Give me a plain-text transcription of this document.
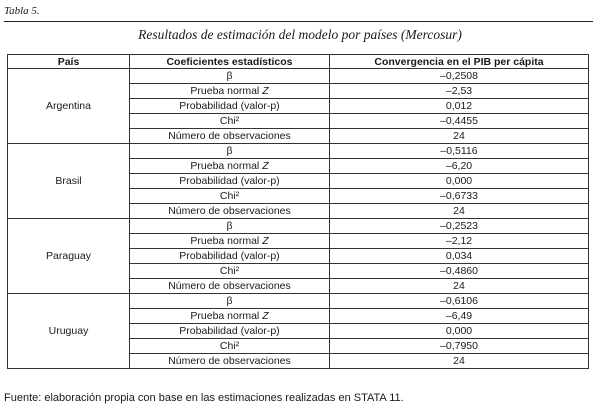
Tabla 5.
Resultados de estimación del modelo por países (Mercosur)
País	Coeficientes estadísticos	Convergencia en el PIB per cápita
Argentina	β	–0,2508
	Prueba normal Z	–2,53
	Probabilidad (valor-p)	0,012
	Chi²	–0,4455
	Número de observaciones	24
Brasil	β	–0,5116
	Prueba normal Z	–6,20
	Probabilidad (valor-p)	0,000
	Chi²	–0,6733
	Número de observaciones	24
Paraguay	β	–0,2523
	Prueba normal Z	–2,12
	Probabilidad (valor-p)	0,034
	Chi²	–0,4860
	Número de observaciones	24
Uruguay	β	–0,6106
	Prueba normal Z	–6,49
	Probabilidad (valor-p)	0,000
	Chi²	–0,7950
	Número de observaciones	24
Fuente: elaboración propia con base en las estimaciones realizadas en STATA 11.
